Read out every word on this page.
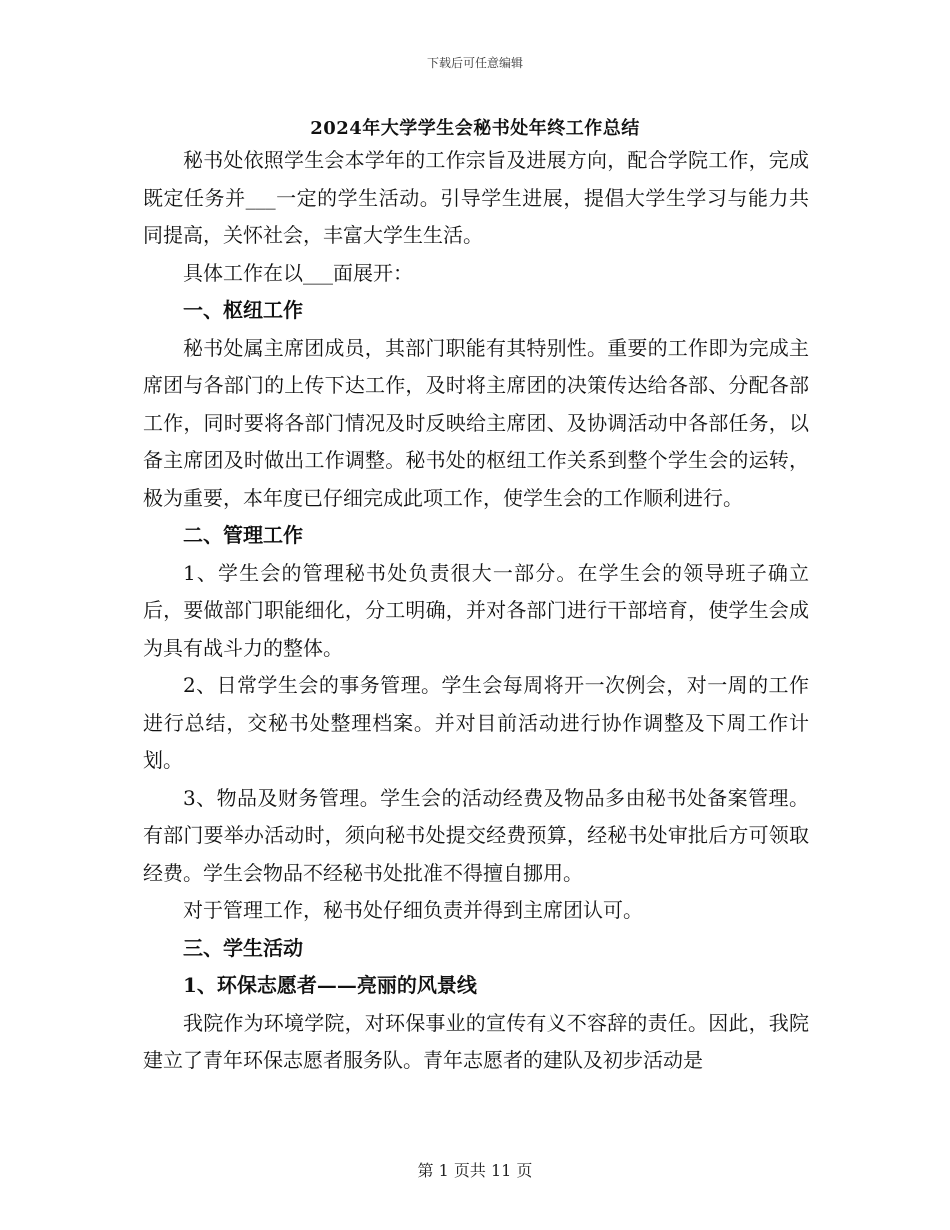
下载后可任意编辑
2024年大学学生会秘书处年终工作总结

秘书处依照学生会本学年的工作宗旨及进展方向，配合学院工作，完成既定任务并___一定的学生活动。引导学生进展，提倡大学生学习与能力共同提高，关怀社会，丰富大学生生活。

具体工作在以___面展开：

一、枢纽工作

秘书处属主席团成员，其部门职能有其特别性。重要的工作即为完成主席团与各部门的上传下达工作，及时将主席团的决策传达给各部、分配各部工作，同时要将各部门情况及时反映给主席团、及协调活动中各部任务，以备主席团及时做出工作调整。秘书处的枢纽工作关系到整个学生会的运转，极为重要，本年度已仔细完成此项工作，使学生会的工作顺利进行。

二、管理工作

1、学生会的管理秘书处负责很大一部分。在学生会的领导班子确立后，要做部门职能细化，分工明确，并对各部门进行干部培育，使学生会成为具有战斗力的整体。

2、日常学生会的事务管理。学生会每周将开一次例会，对一周的工作进行总结，交秘书处整理档案。并对目前活动进行协作调整及下周工作计划。

3、物品及财务管理。学生会的活动经费及物品多由秘书处备案管理。有部门要举办活动时，须向秘书处提交经费预算，经秘书处审批后方可领取经费。学生会物品不经秘书处批准不得擅自挪用。

对于管理工作，秘书处仔细负责并得到主席团认可。

三、学生活动

1、环保志愿者——亮丽的风景线

我院作为环境学院，对环保事业的宣传有义不容辞的责任。因此，我院建立了青年环保志愿者服务队。青年志愿者的建队及初步活动是

第 1 页共 11 页
